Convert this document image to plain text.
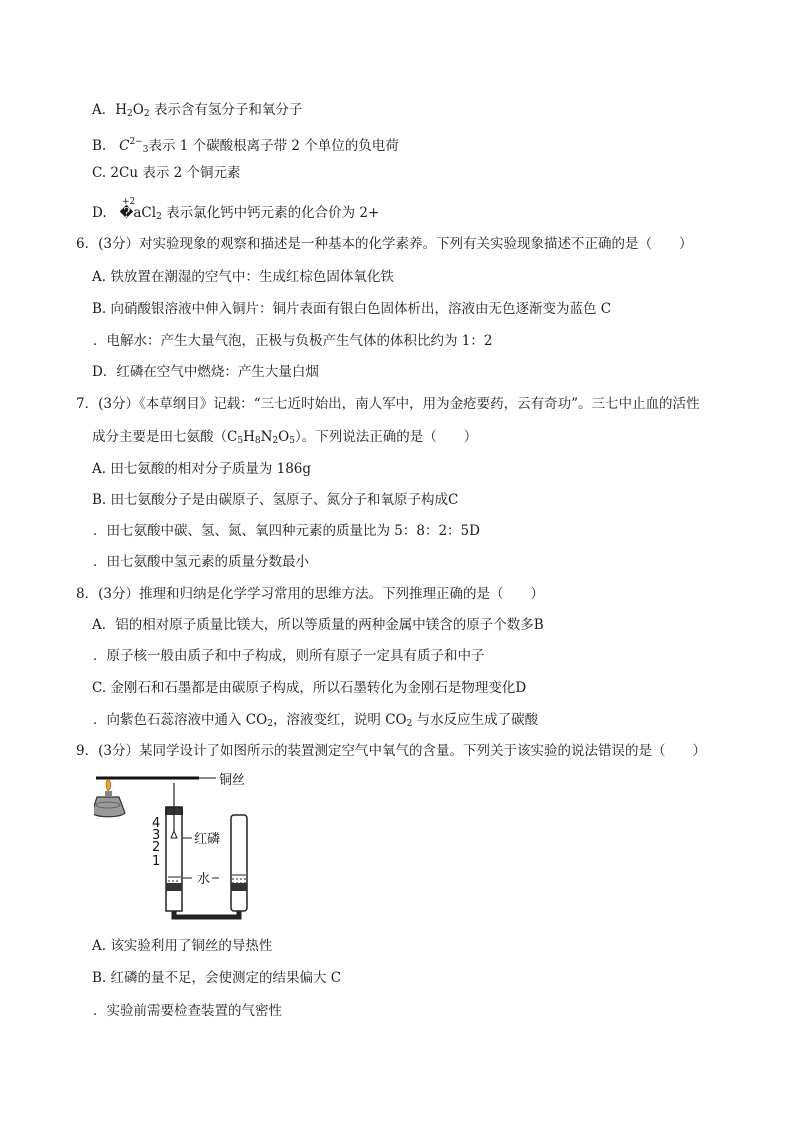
A．$H_2O_2$ 表示含有氢分子和氧分子
B. $C^{2-}_3$表示 1 个碳酸根离子带 2 个单位的负电荷
C. 2Cu 表示 2 个铜元素
+2
D. �aCl$_2$ 表示氯化钙中钙元素的化合价为 2+
6．(3分）对实验现象的观察和描述是一种基本的化学素养。下列有关实验现象描述不正确的是（　　）
A. 铁放置在潮湿的空气中：生成红棕色固体氧化铁
B. 向硝酸银溶液中伸入铜片：铜片表面有银白色固体析出，溶液由无色逐渐变为蓝色 C
．电解水：产生大量气泡，正极与负极产生气体的体积比约为 1：2
D．红磷在空气中燃烧：产生大量白烟
7．(3分）《本草纲目》记载：“三七近时始出，南人军中，用为金疮要药，云有奇功”。三七中止血的活性
成分主要是田七氨酸$(C_5H_8N_2O_5)$。下列说法正确的是（　　）
A. 田七氨酸的相对分子质量为 186g
B. 田七氨酸分子是由碳原子、氢原子、氮分子和氧原子构成C
．田七氨酸中碳、氢、氮、氧四种元素的质量比为 5：8：2：5D
．田七氨酸中氢元素的质量分数最小
8．(3分）推理和归纳是化学学习常用的思维方法。下列推理正确的是（　　）
A．铝的相对原子质量比镁大，所以等质量的两种金属中镁含的原子个数多B
．原子核一般由质子和中子构成，则所有原子一定具有质子和中子
C. 金刚石和石墨都是由碳原子构成，所以石墨转化为金刚石是物理变化D
．向紫色石蕊溶液中通入 $CO_2$，溶液变红，说明 $CO_2$ 与水反应生成了碳酸
9．(3分）某同学设计了如图所示的装置测定空气中氧气的含量。下列关于该实验的说法错误的是（　　）
铜丝
4
3
2
1
红磷
水
A. 该实验利用了铜丝的导热性
B. 红磷的量不足，会使测定的结果偏大 C
．实验前需要检查装置的气密性
